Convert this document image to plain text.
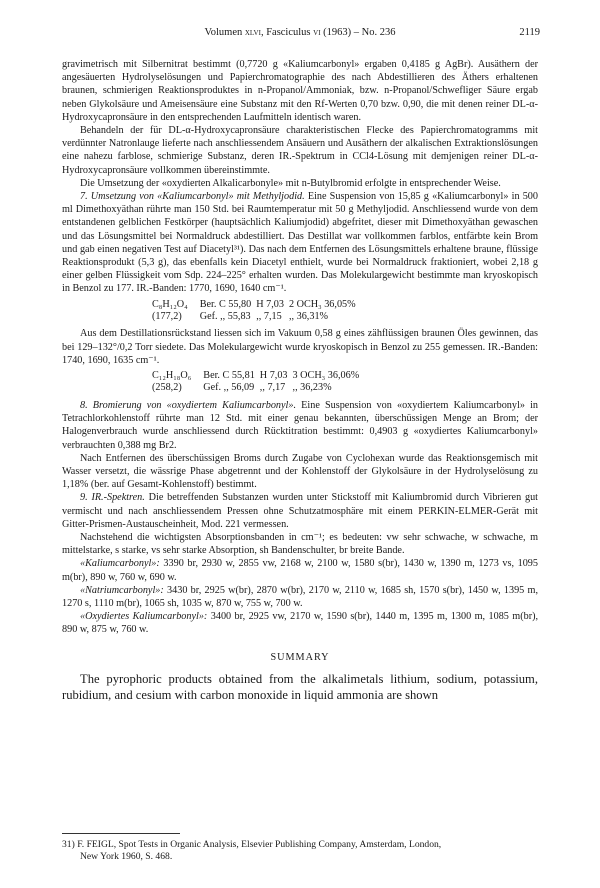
Volumen xlvi, Fasciculus vi (1963) – No. 236	2119

gravimetrisch mit Silbernitrat bestimmt (0,7720 g «Kaliumcarbonyl» ergaben 0,4185 g AgBr). Ausäthern der angesäuerten Hydrolyselösungen und Papierchromatographie des nach Abdestillieren des Äthers erhaltenen braunen, schmierigen Reaktionsproduktes in n-Propanol/Ammoniak, bzw. n-Propanol/Schwefliger Säure ergab neben Glykolsäure und Ameisensäure eine Substanz mit den Rf-Werten 0,70 bzw. 0,90, die mit denen reiner DL-α-Hydroxycapronsäure in den entsprechenden Laufmitteln identisch waren.

Behandeln der für DL-α-Hydroxycapronsäure charakteristischen Flecke des Papierchromatogramms mit verdünnter Natronlauge lieferte nach anschliessendem Ansäuern und Ausäthern der alkalischen Extraktionslösungen eine nahezu farblose, schmierige Substanz, deren IR.-Spektrum in CCl4-Lösung mit demjenigen reiner DL-α-Hydroxycapronsäure vollkommen übereinstimmte.

Die Umsetzung der «oxydierten Alkalicarbonyle» mit n-Butylbromid erfolgte in entsprechender Weise.

7. Umsetzung von «Kaliumcarbonyl» mit Methyljodid. Eine Suspension von 15,85 g «Kaliumcarbonyl» in 500 ml Dimethoxyäthan rührte man 150 Std. bei Raumtemperatur mit 50 g Methyljodid. Anschliessend wurde von dem entstandenen gelblichen Festkörper (hauptsächlich Kaliumjodid) abgefritet, dieser mit Dimethoxyäthan gewaschen und das Lösungsmittel bei Normaldruck abdestilliert. Das Destillat war vollkommen farblos, entfärbte kein Brom und gab einen negativen Test auf Diacetyl³¹). Das nach dem Entfernen des Lösungsmittels erhaltene braune, flüssige Reaktionsprodukt (5,3 g), das ebenfalls kein Diacetyl enthielt, wurde bei Normaldruck fraktioniert, wobei 2,18 g einer gelben Flüssigkeit vom Sdp. 224–225° erhalten wurden. Das Molekulargewicht bestimmte man kryoskopisch in Benzol zu 177. IR.-Banden: 1770, 1690, 1640 cm⁻¹.

C₈H₁₂O₄	Ber. C 55,80	H 7,03	2 OCH₃ 36,05%
(177,2)	Gef. ,, 55,83	,, 7,15	,, 36,31%

Aus dem Destillationsrückstand liessen sich im Vakuum 0,58 g eines zähflüssigen braunen Öles gewinnen, das bei 129–132°/0,2 Torr siedete. Das Molekulargewicht wurde kryoskopisch in Benzol zu 255 gemessen. IR.-Banden: 1740, 1690, 1635 cm⁻¹.

C₁₂H₁₈O₆	Ber. C 55,81	H 7,03	3 OCH₃ 36,06%
(258,2)	Gef. ,, 56,09	,, 7,17	,, 36,23%

8. Bromierung von «oxydiertem Kaliumcarbonyl». Eine Suspension von «oxydiertem Kaliumcarbonyl» in Tetrachlorkohlenstoff rührte man 12 Std. mit einer genau bekannten, überschüssigen Menge an Brom; der Halogenverbrauch wurde anschliessend durch Rücktitration bestimmt: 0,4903 g «oxydiertes Kaliumcarbonyl» verbrauchten 0,388 mg Br2.

Nach Entfernen des überschüssigen Broms durch Zugabe von Cyclohexan wurde das Reaktionsgemisch mit Wasser versetzt, die wässrige Phase abgetrennt und der Kohlenstoff der Glykolsäure in der Hydrolyselösung zu 1,18% (ber. auf Gesamt-Kohlenstoff) bestimmt.

9. IR.-Spektren. Die betreffenden Substanzen wurden unter Stickstoff mit Kaliumbromid durch Vibrieren gut vermischt und nach anschliessendem Pressen ohne Schutzatmosphäre mit einem PERKIN-ELMER-Gerät mit Gitter-Prismen-Austauscheinheit, Mod. 221 vermessen.

Nachstehend die wichtigsten Absorptionsbanden in cm⁻¹; es bedeuten: vw sehr schwache, w schwache, m mittelstarke, s starke, vs sehr starke Absorption, sh Bandenschulter, br breite Bande.

«Kaliumcarbonyl»: 3390 br, 2930 w, 2855 vw, 2168 w, 2100 w, 1580 s(br), 1430 w, 1390 m, 1273 vs, 1095 m(br), 890 w, 760 w, 690 w.

«Natriumcarbonyl»: 3430 br, 2925 w(br), 2870 w(br), 2170 w, 2110 w, 1685 sh, 1570 s(br), 1450 w, 1395 m, 1270 s, 1110 m(br), 1065 sh, 1035 w, 870 w, 755 w, 700 w.

«Oxydiertes Kaliumcarbonyl»: 3400 br, 2925 vw, 2170 w, 1590 s(br), 1440 m, 1395 m, 1300 m, 1085 m(br), 890 w, 875 w, 760 w.

SUMMARY

The pyrophoric products obtained from the alkalimetals lithium, sodium, potassium, rubidium, and cesium with carbon monoxide in liquid ammonia are shown

31) F. FEIGL, Spot Tests in Organic Analysis, Elsevier Publishing Company, Amsterdam, London,
New York 1960, S. 468.
